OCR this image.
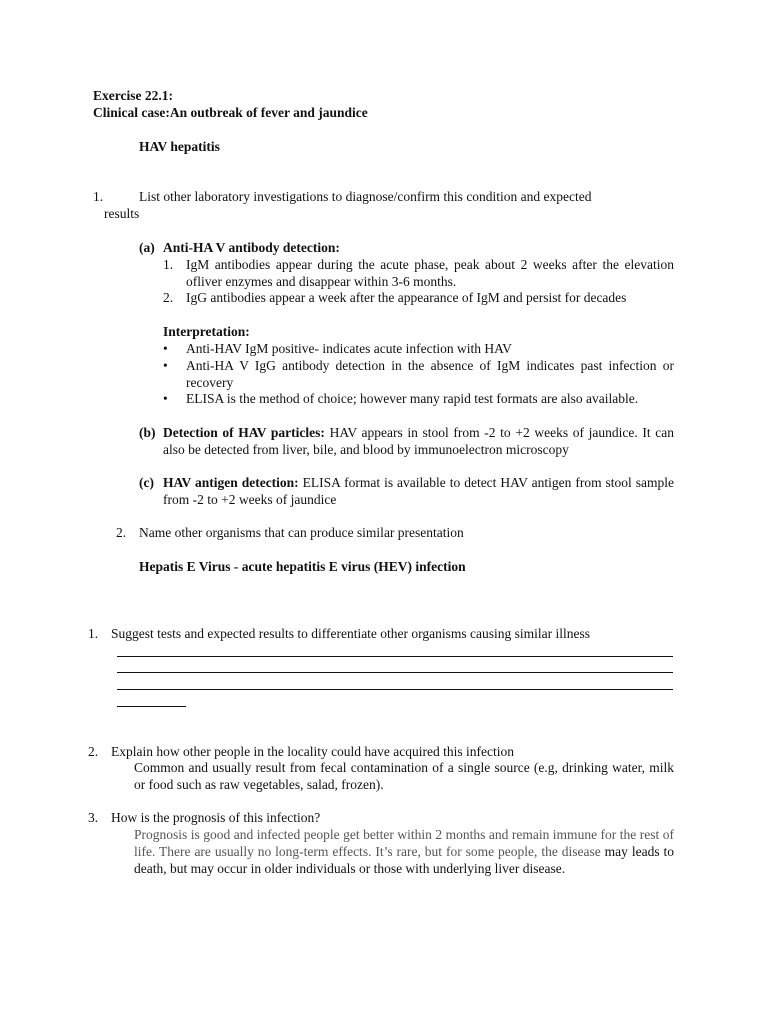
Exercise 22.1:
Clinical case:An outbreak of fever and jaundice
HAV hepatitis
1.	List other laboratory investigations to diagnose/confirm this condition and expected
results
(a) Anti-HA V antibody detection:
1. IgM antibodies appear during the acute phase, peak about 2 weeks after the elevation ofliver enzymes and disappear within 3-6 months.
2. IgG antibodies appear a week after the appearance of IgM and persist for decades
Interpretation:
• Anti-HAV IgM positive- indicates acute infection with HAV
• Anti-HA V IgG antibody detection in the absence of IgM indicates past infection or recovery
• ELISA is the method of choice; however many rapid test formats are also available.
(b) Detection of HAV particles: HAV appears in stool from -2 to +2 weeks of jaundice. It can also be detected from liver, bile, and blood by immunoelectron microscopy
(c) HAV antigen detection: ELISA format is available to detect HAV antigen from stool sample from -2 to +2 weeks of jaundice
2. Name other organisms that can produce similar presentation
Hepatis E Virus - acute hepatitis E virus (HEV) infection
1. Suggest tests and expected results to differentiate other organisms causing similar illness
2. Explain how other people in the locality could have acquired this infection
Common and usually result from fecal contamination of a single source (e.g, drinking water, milk or food such as raw vegetables, salad, frozen).
3. How is the prognosis of this infection?
Prognosis is good and infected people get better within 2 months and remain immune for the rest of life. There are usually no long-term effects. It’s rare, but for some people, the disease may leads to death, but may occur in older individuals or those with underlying liver disease.
